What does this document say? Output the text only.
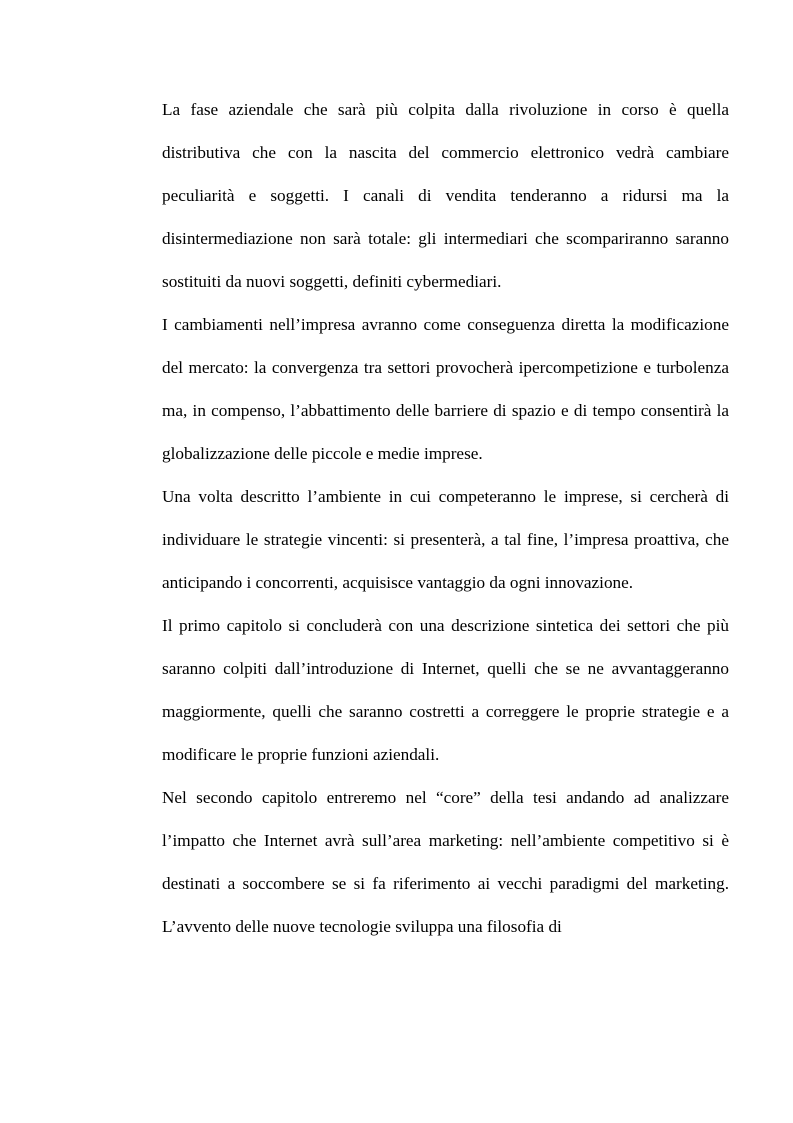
La fase aziendale che sarà più colpita dalla rivoluzione in corso è quella distributiva che con la nascita del commercio elettronico vedrà cambiare peculiarità e soggetti. I canali di vendita tenderanno a ridursi ma la disintermediazione non sarà totale: gli intermediari che scompariranno saranno sostituiti da nuovi soggetti, definiti cybermediari.

I cambiamenti nell’impresa avranno come conseguenza diretta la modificazione del mercato: la convergenza tra settori provocherà ipercompetizione e turbolenza ma, in compenso, l’abbattimento delle barriere di spazio e di tempo consentirà la globalizzazione delle piccole e medie imprese.

Una volta descritto l’ambiente in cui competeranno le imprese, si cercherà di individuare le strategie vincenti: si presenterà, a tal fine, l’impresa proattiva, che anticipando i concorrenti, acquisisce vantaggio da ogni innovazione.

Il primo capitolo si concluderà con una descrizione sintetica dei settori che più saranno colpiti dall’introduzione di Internet, quelli che se ne avvantaggeranno maggiormente, quelli che saranno costretti a correggere le proprie strategie e a modificare le proprie funzioni aziendali.

Nel secondo capitolo entreremo nel “core” della tesi andando ad analizzare l’impatto che Internet avrà sull’area marketing: nell’ambiente competitivo si è destinati a soccombere se si fa riferimento ai vecchi paradigmi del marketing. L’avvento delle nuove tecnologie sviluppa una filosofia di
